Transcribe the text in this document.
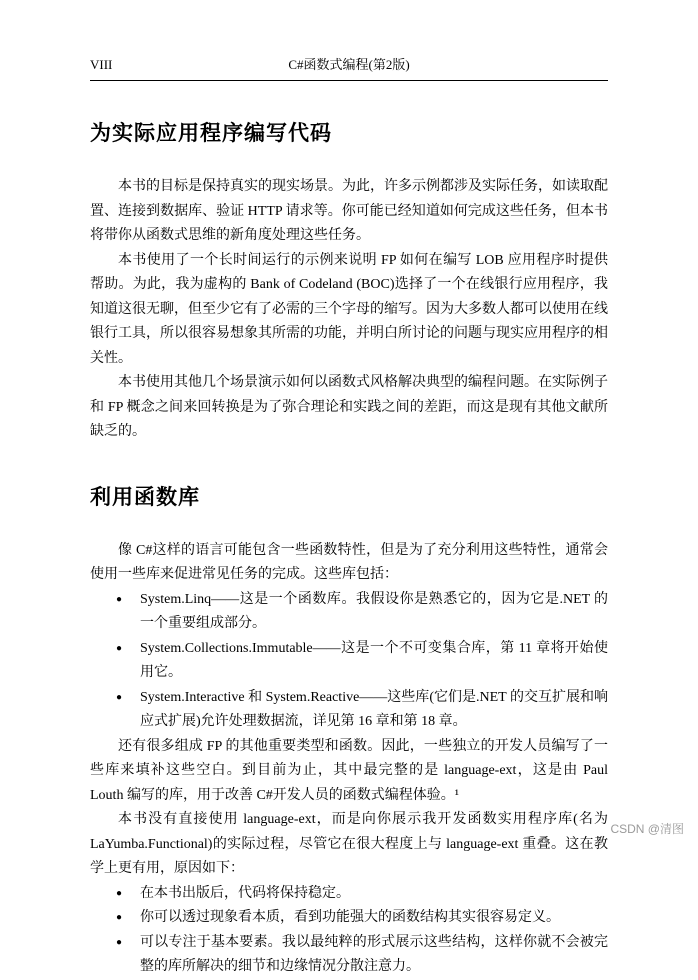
VIII	C#函数式编程(第2版)
为实际应用程序编写代码

本书的目标是保持真实的现实场景。为此，许多示例都涉及实际任务，如读取配置、连接到数据库、验证 HTTP 请求等。你可能已经知道如何完成这些任务，但本书将带你从函数式思维的新角度处理这些任务。

本书使用了一个长时间运行的示例来说明 FP 如何在编写 LOB 应用程序时提供帮助。为此，我为虚构的 Bank of Codeland (BOC)选择了一个在线银行应用程序，我知道这很无聊，但至少它有了必需的三个字母的缩写。因为大多数人都可以使用在线银行工具，所以很容易想象其所需的功能，并明白所讨论的问题与现实应用程序的相关性。

本书使用其他几个场景演示如何以函数式风格解决典型的编程问题。在实际例子和 FP 概念之间来回转换是为了弥合理论和实践之间的差距，而这是现有其他文献所缺乏的。

利用函数库

像 C#这样的语言可能包含一些函数特性，但是为了充分利用这些特性，通常会使用一些库来促进常见任务的完成。这些库包括：

● System.Linq——这是一个函数库。我假设你是熟悉它的，因为它是.NET 的一个重要组成部分。
● System.Collections.Immutable——这是一个不可变集合库，第 11 章将开始使用它。
● System.Interactive 和 System.Reactive——这些库(它们是.NET 的交互扩展和响应式扩展)允许处理数据流，详见第 16 章和第 18 章。

还有很多组成 FP 的其他重要类型和函数。因此，一些独立的开发人员编写了一些库来填补这些空白。到目前为止，其中最完整的是 language-ext，这是由 Paul Louth 编写的库，用于改善 C#开发人员的函数式编程体验。¹

本书没有直接使用 language-ext，而是向你展示我开发函数实用程序库(名为 LaYumba.Functional)的实际过程，尽管它在很大程度上与 language-ext 重叠。这在教学上更有用，原因如下：

● 在本书出版后，代码将保持稳定。
● 你可以透过现象看本质，看到功能强大的函数结构其实很容易定义。
● 可以专注于基本要素。我以最纯粹的形式展示这些结构，这样你就不会被完整的库所解决的细节和边缘情况分散注意力。
CSDN @清图
